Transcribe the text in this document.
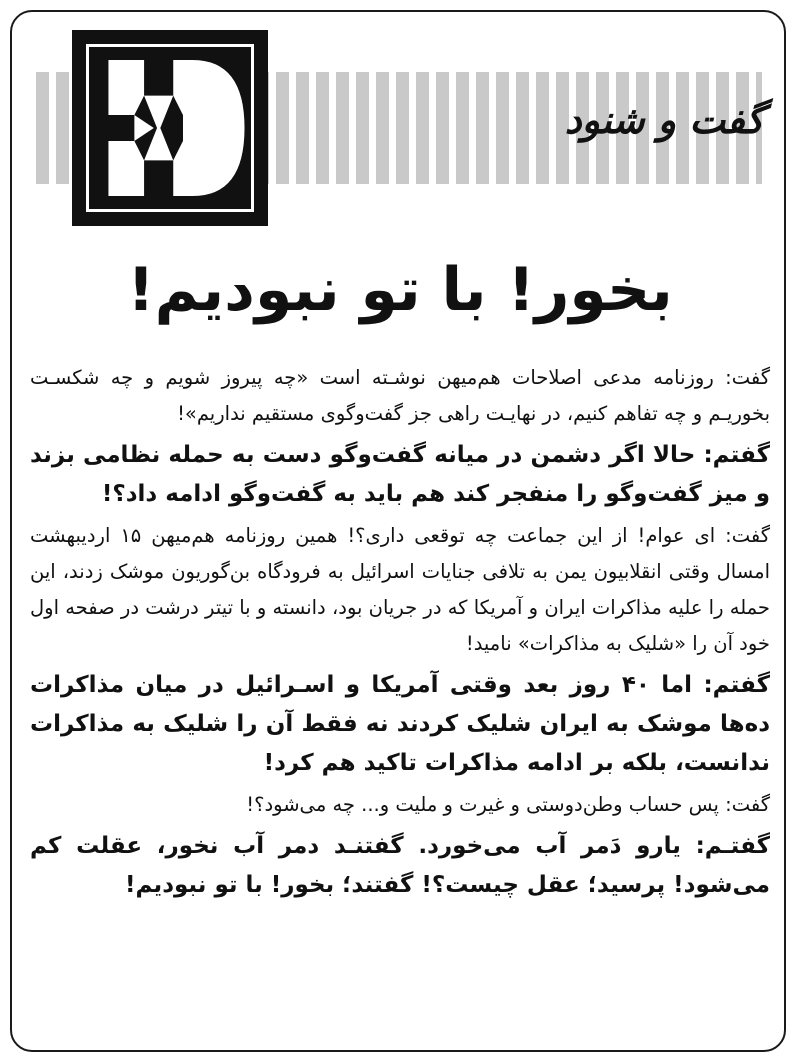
گفت و شنود
بخور! با تو نبودیم!

گفت: روزنامه مدعی اصلاحات هم‌میهن نوشـته است «چه پیروز شویم و چه شکسـت بخوریـم و چه تفاهم کنیم، در نهایـت راهی جز گفت‌وگوی مستقیم نداریم»!

گفتم: حالا اگر دشمن در میانه گفت‌وگو دست به حمله نظامی بزند و میز گفت‌وگو را منفجر کند هم باید به گفت‌وگو ادامه داد؟!

گفت: ای عوام! از این جماعت چه توقعی داری؟! همین روزنامه هم‌میهن ۱۵ اردیبهشت امسال وقتی انقلابیون یمن به تلافی جنایات اسرائیل به فرودگاه بن‌گوریون موشک زدند، این حمله را علیه مذاکرات ایران و آمریکا که در جریان بود، دانسته و با تیتر درشت در صفحه اول خود آن را «شلیک به مذاکرات» نامید!

گفتم: اما ۴۰ روز بعد وقتی آمریکا و اسـرائیل در میان مذاکرات ده‌ها موشک به ایران شلیک کردند نه فقط آن را شلیک به مذاکرات ندانست، بلکه بر ادامه مذاکرات تاکید هم کرد!

گفت: پس حساب وطن‌دوستی و غیرت و ملیت و... چه می‌شود؟!

گفتـم: یارو دَمر آب می‌خورد. گفتنـد دمر آب نخور، عقلت کم می‌شود! پرسید؛ عقل چیست؟! گفتند؛ بخور! با تو نبودیم!
